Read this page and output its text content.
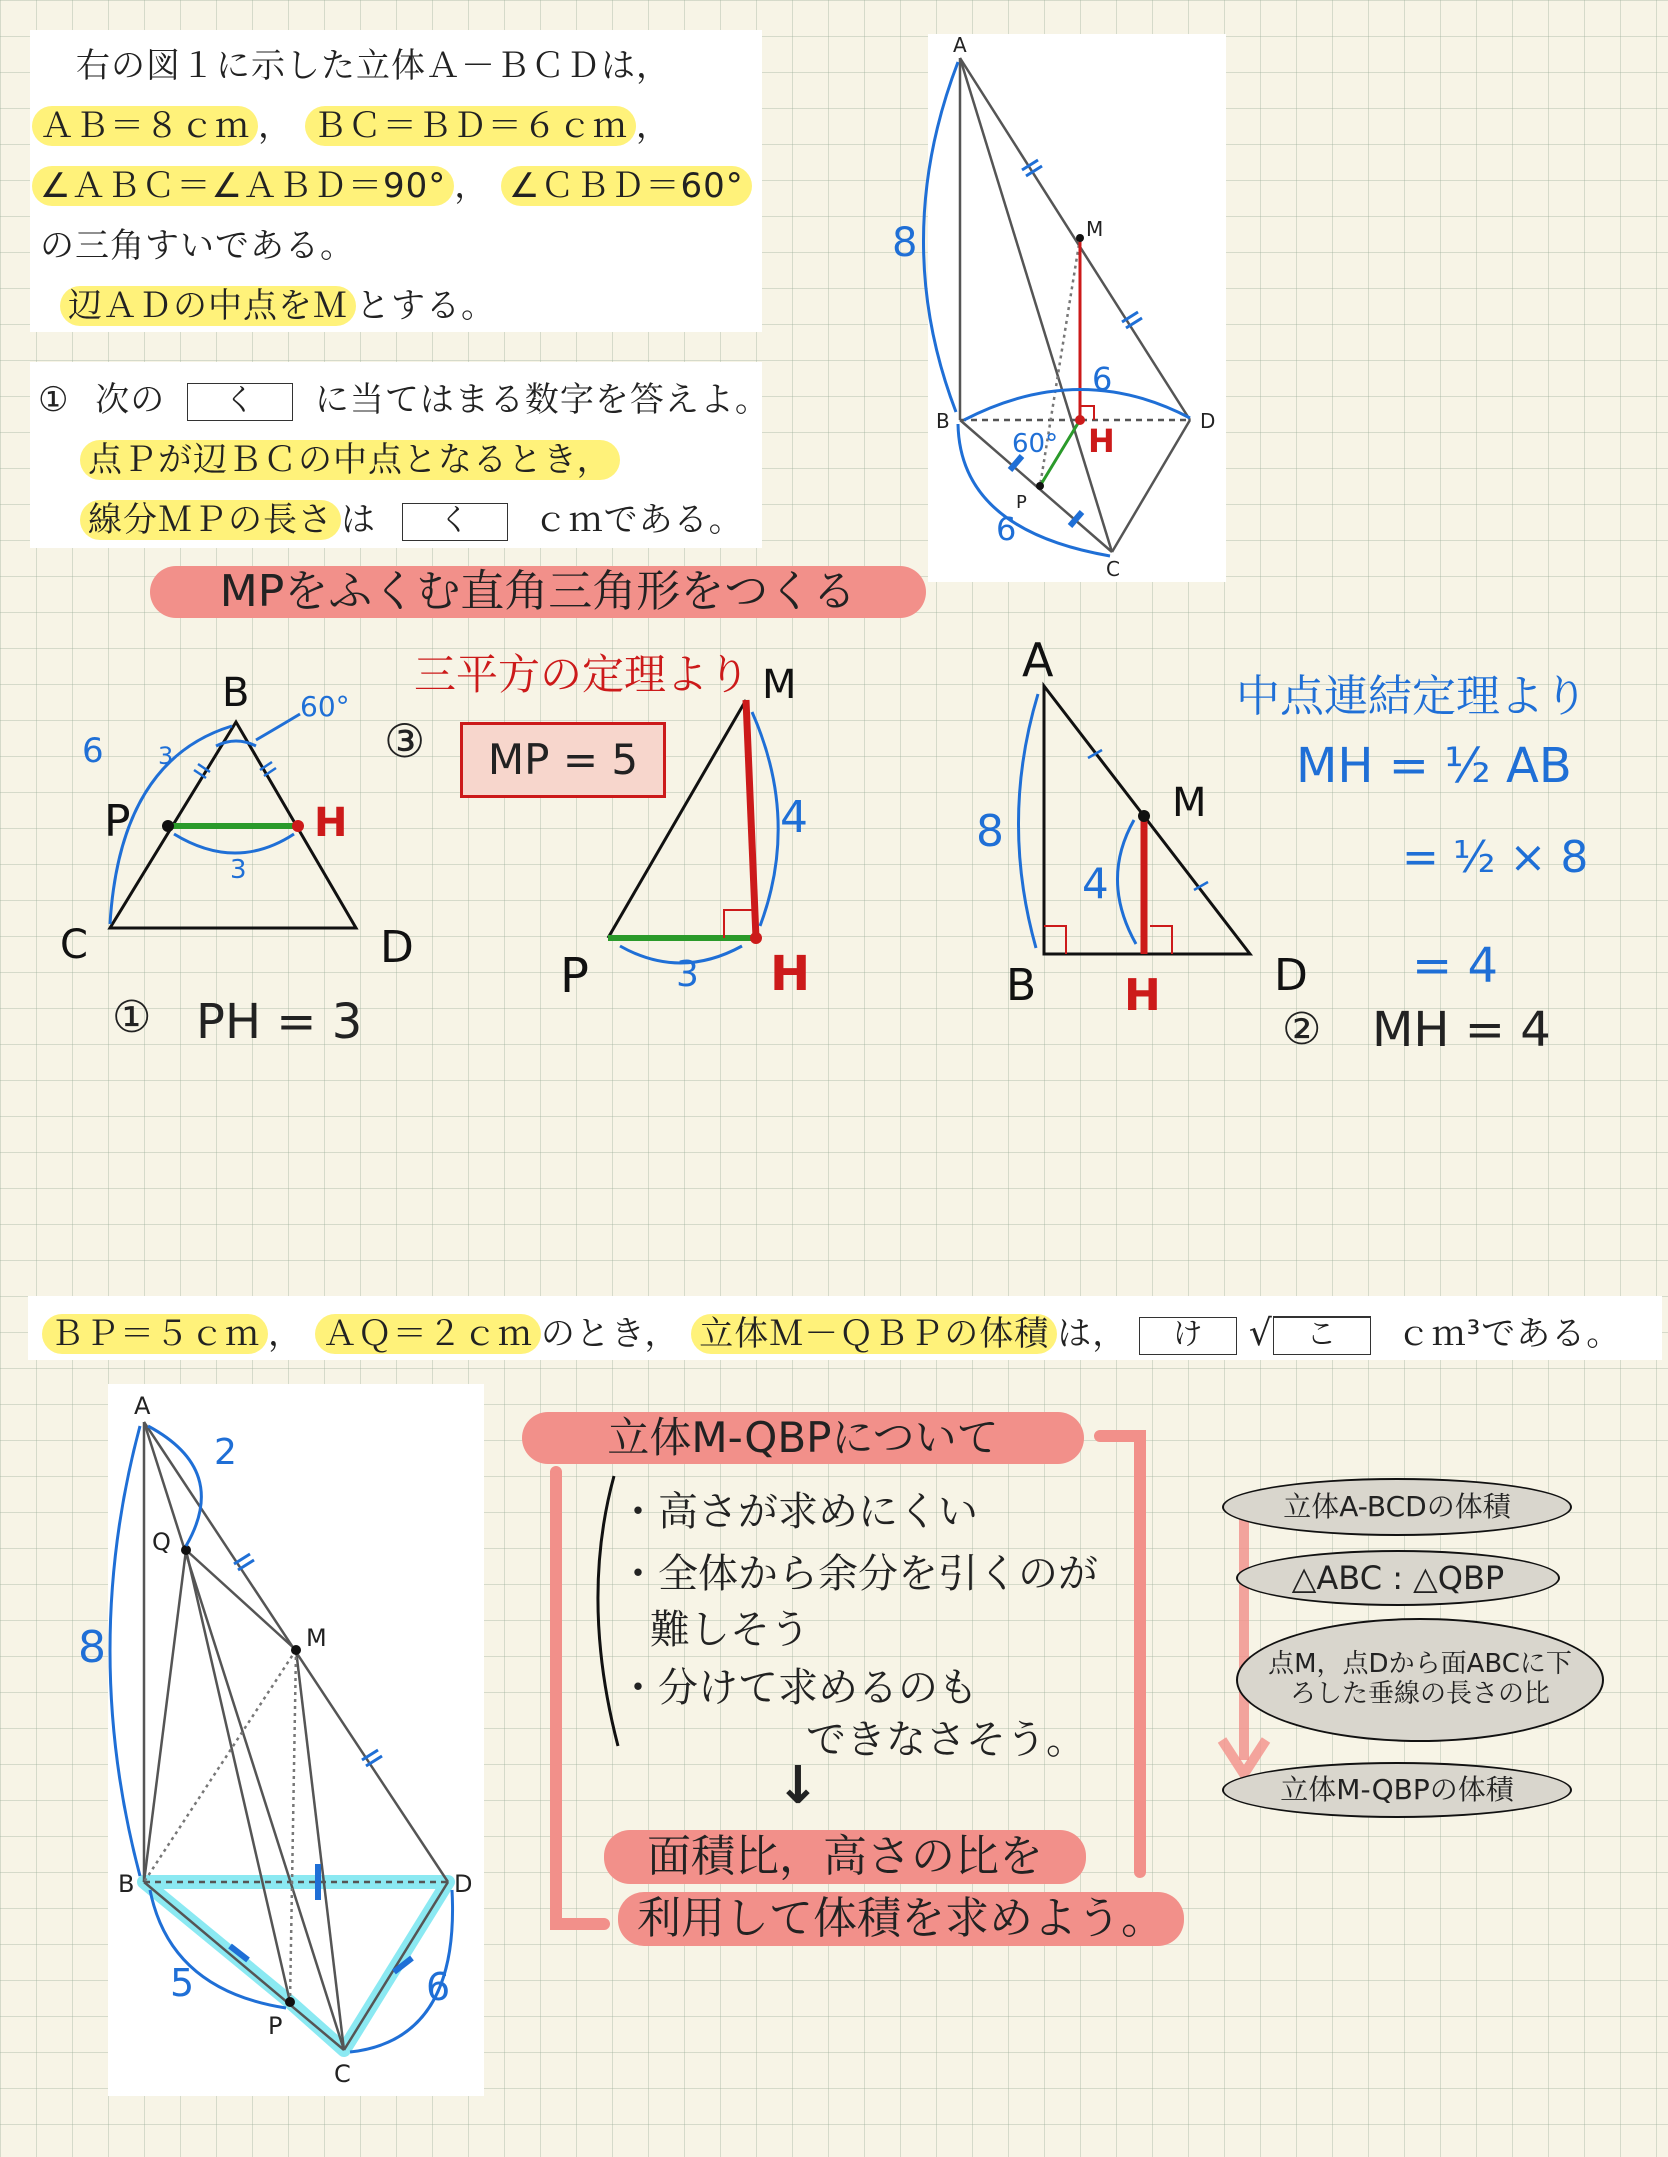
右の図１に示した立体Ａ－ＢＣＤは，
ＡＢ＝８ｃｍ ， ＢＣ＝ＢＤ＝６ｃｍ ，
∠ＡＢＣ＝∠ＡＢＤ＝90° ， ∠ＣＢＤ＝60°
の三角すいである。
辺ＡＤの中点をＭ とする。
① 次の く に当てはまる数字を答えよ。
点Ｐが辺ＢＣの中点となるとき，
線分ＭＰの長さ は く ｃｍである。
A
B
C
D
M
P
H
8
6
6
60°
MPをふくむ直角三角形をつくる
B
C	D
P	H
6 3
3
60°	M
P	H
4
3
A
B	D
M
H
8
4
三平方の定理より
③	MP = 5
① PH = 3
中点連結定理より
MH = ½ AB
= ½ × 8
= 4
② MH = 4
ＢＰ＝５ｃｍ ， ＡＱ＝２ｃｍ のとき， 立体Ｍ－ＱＢＰの体積 は， け √ こ ｃｍ³である。
A
B
C
D
M
P
Q
2
8
5	6
立体M-QBPについて
・高さが求めにくい
・全体から余分を引くのが
難しそう
・分けて求めるのも
できなさそう。
↓
面積比，高さの比を
利用して体積を求めよう。
立体A-BCDの体積
△ABC : △QBP
点M，点Dから面ABCに下ろした垂線の長さの比
立体M-QBPの体積
